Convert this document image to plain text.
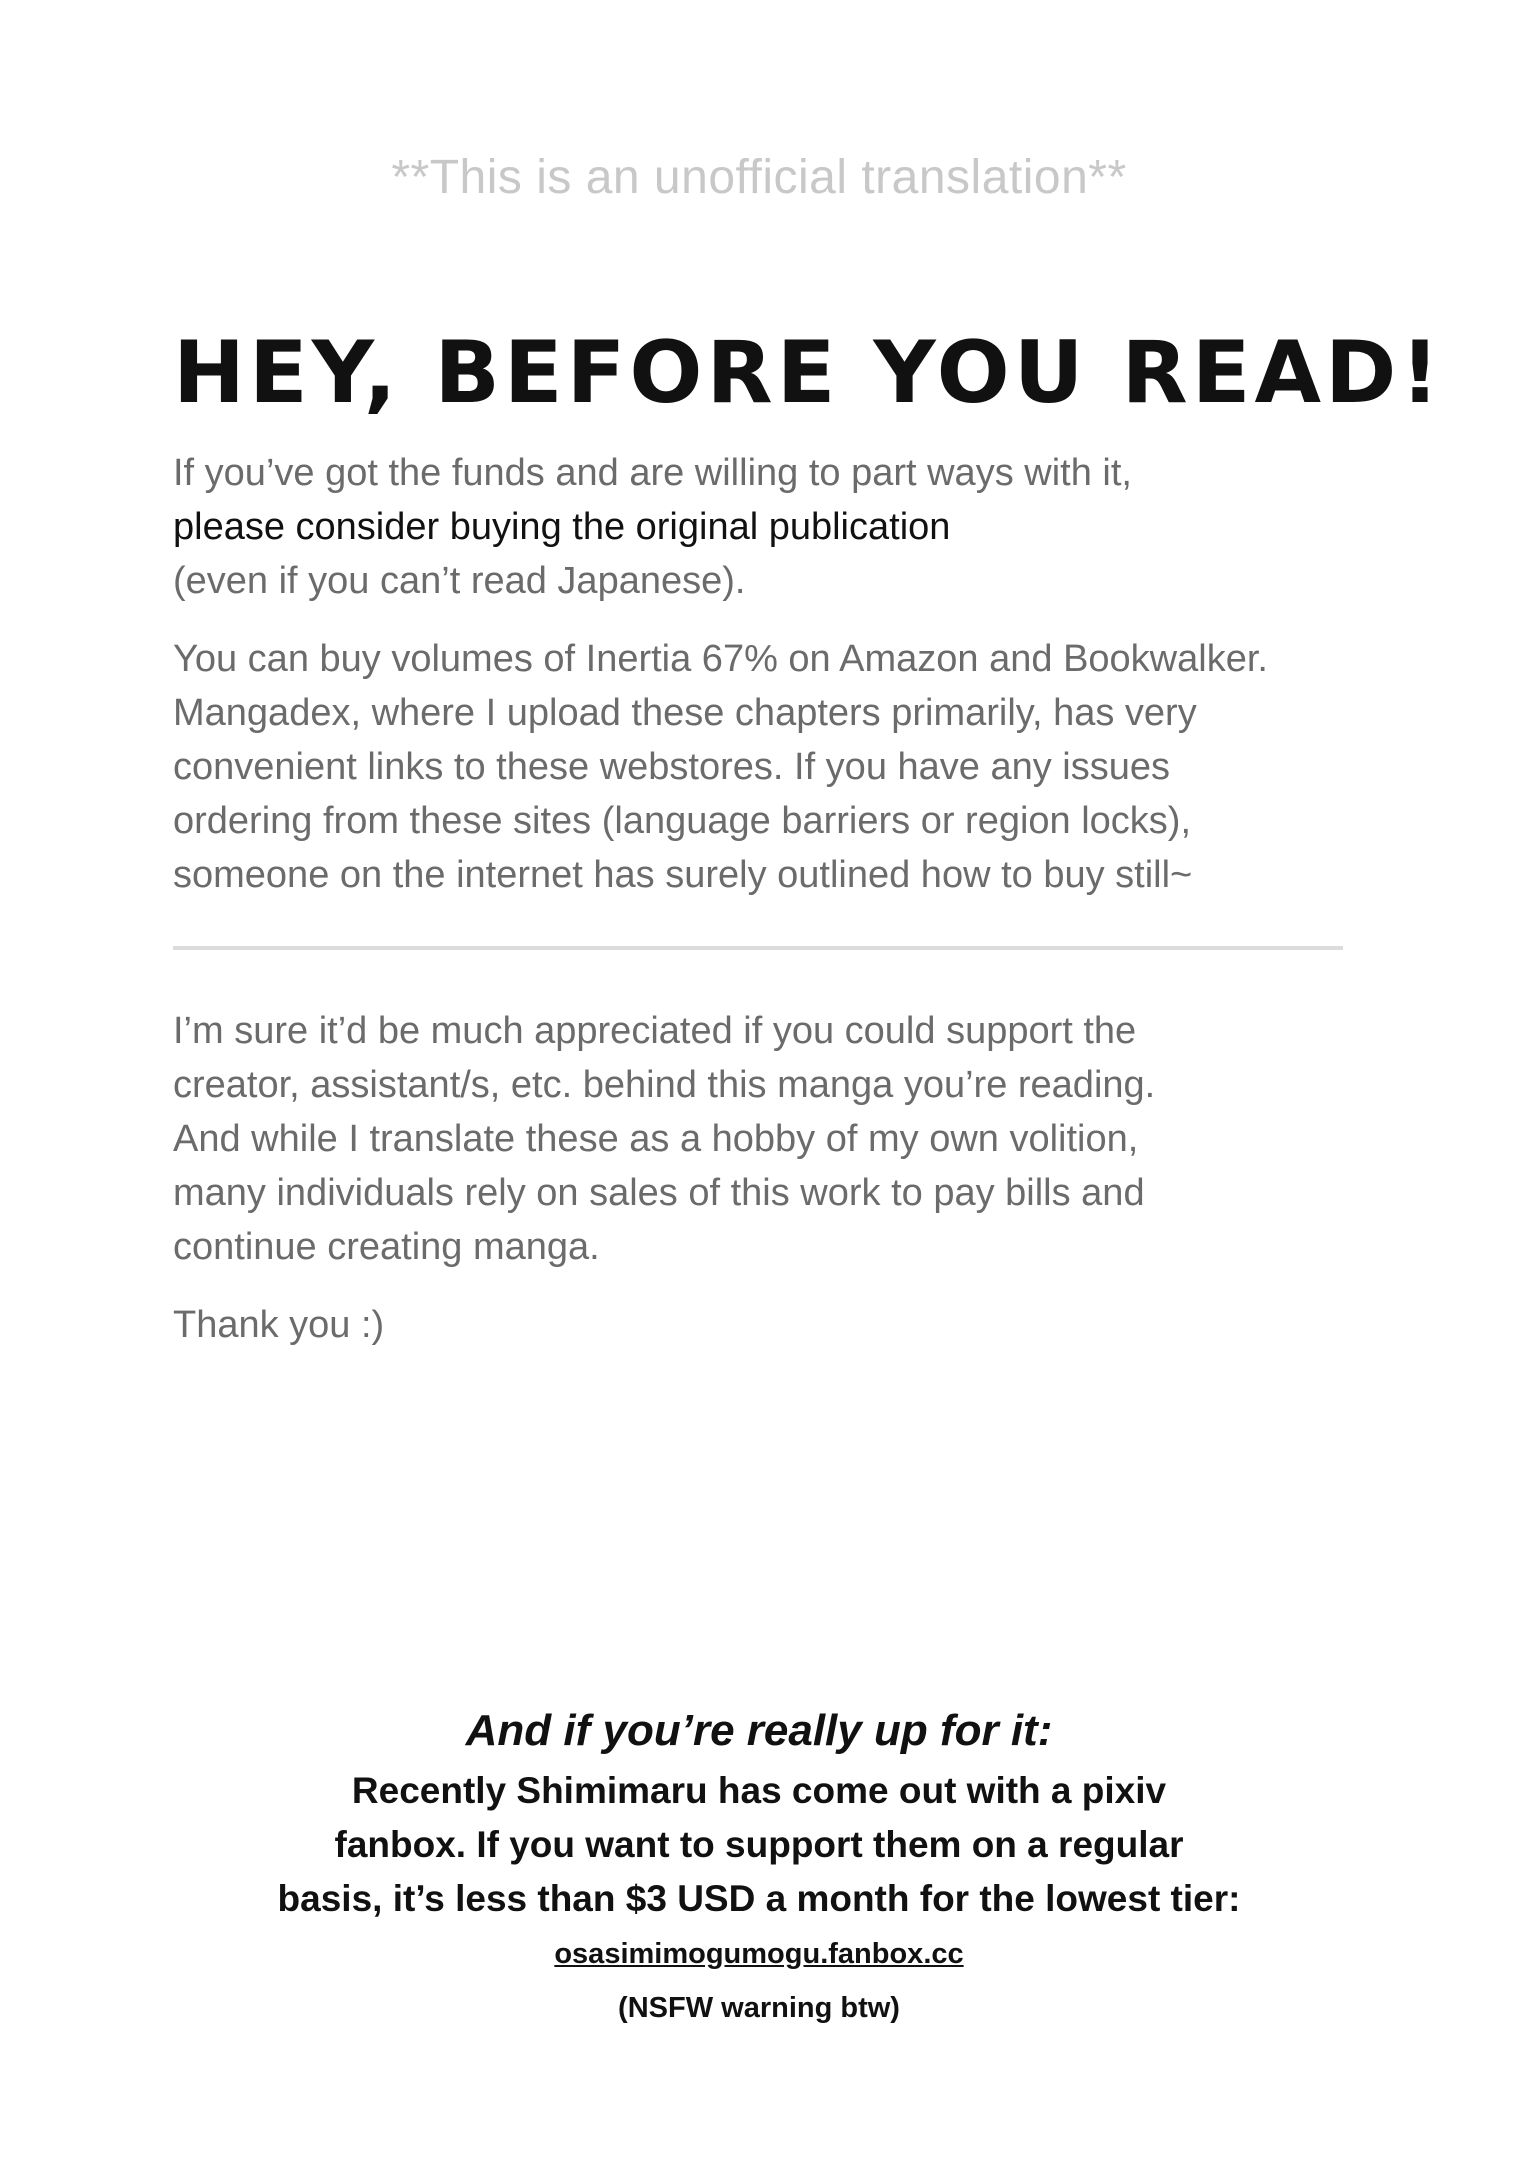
**This is an unofficial translation**
HEY, BEFORE YOU READ!
If you’ve got the funds and are willing to part ways with it,
please consider buying the original publication
(even if you can’t read Japanese).
You can buy volumes of Inertia 67% on Amazon and Bookwalker.
Mangadex, where I upload these chapters primarily, has very
convenient links to these webstores. If you have any issues
ordering from these sites (language barriers or region locks),
someone on the internet has surely outlined how to buy still~
I’m sure it’d be much appreciated if you could support the
creator, assistant/s, etc. behind this manga you’re reading.
And while I translate these as a hobby of my own volition,
many individuals rely on sales of this work to pay bills and
continue creating manga.
Thank you :)
And if you’re really up for it:
Recently Shimimaru has come out with a pixiv
fanbox. If you want to support them on a regular
basis, it’s less than $3 USD a month for the lowest tier:
osasimimogumogu.fanbox.cc
(NSFW warning btw)
